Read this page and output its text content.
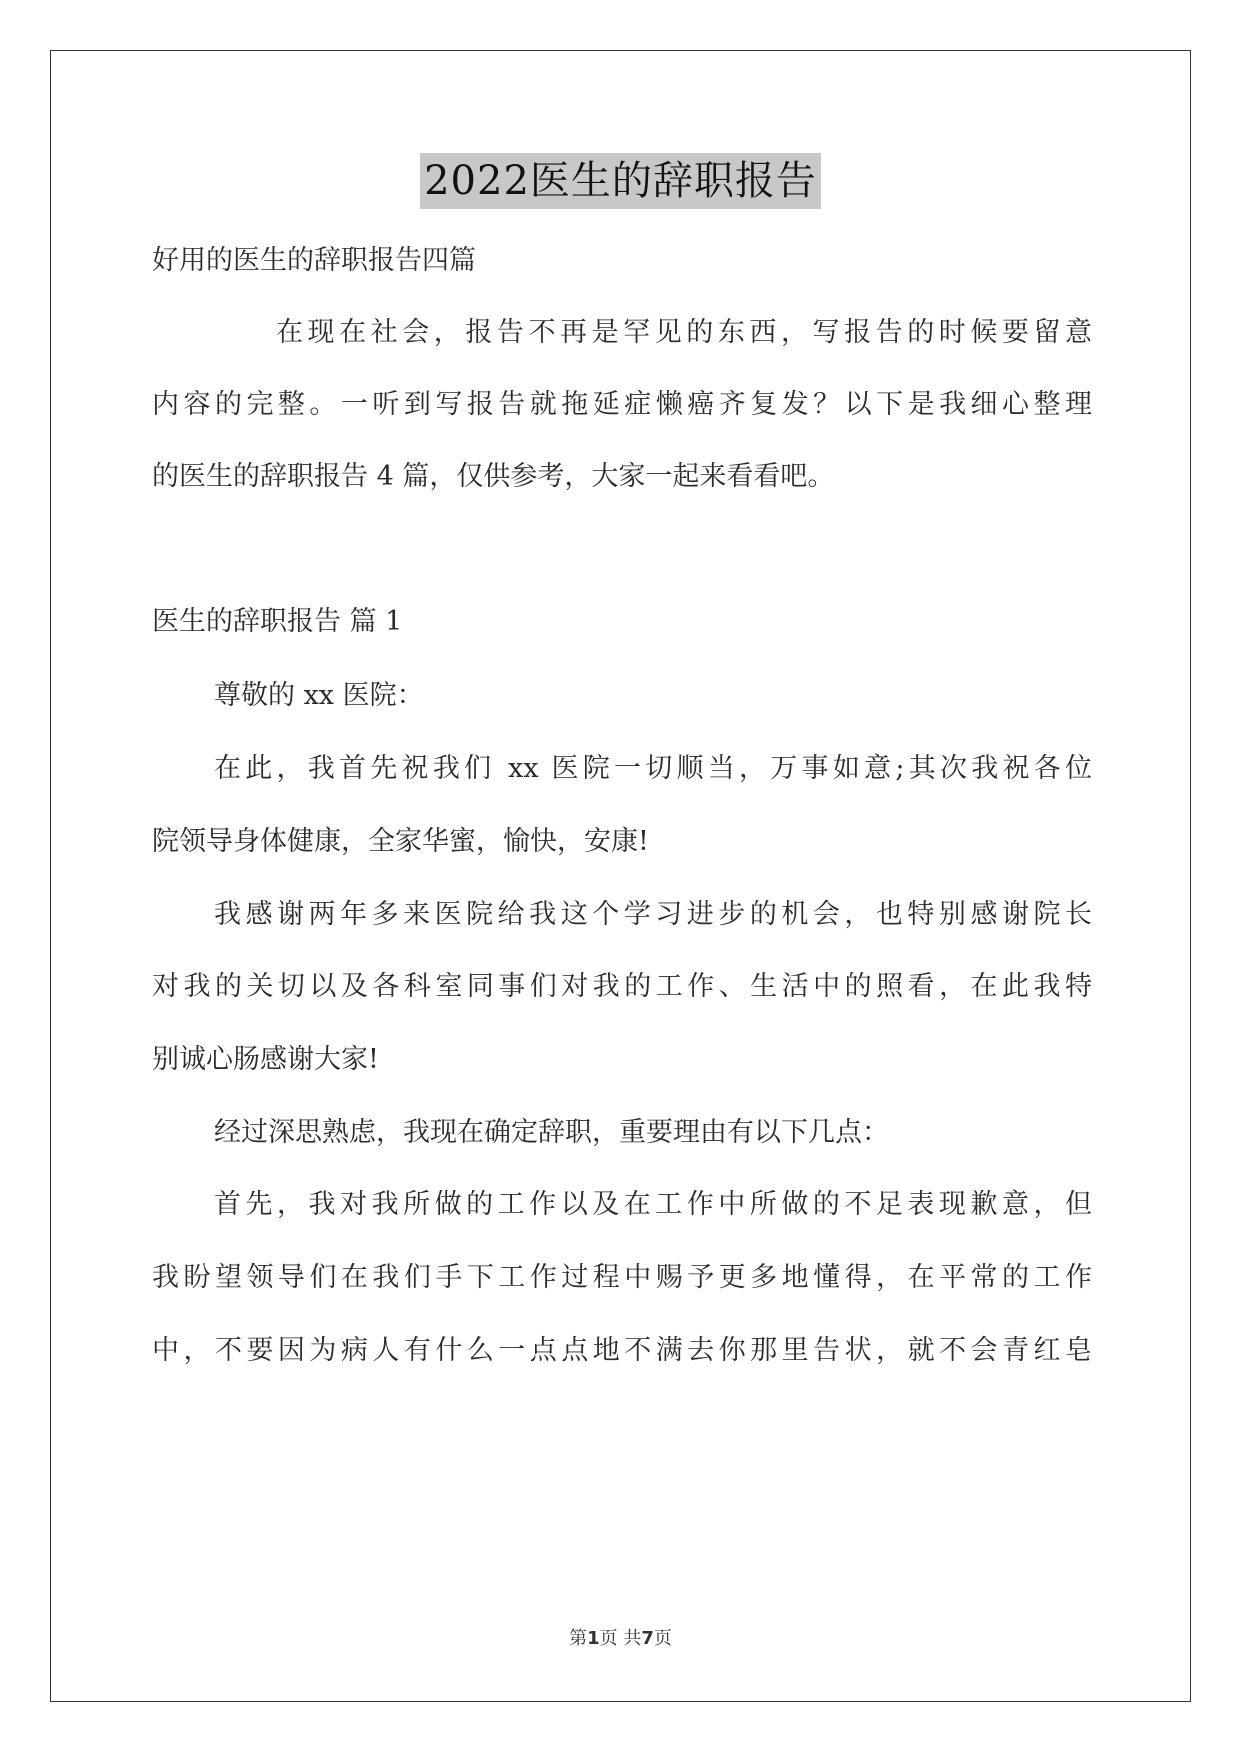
2022医生的辞职报告
好用的医生的辞职报告四篇
在现在社会，报告不再是罕见的东西，写报告的时候要留意
内容的完整。一听到写报告就拖延症懒癌齐复发？以下是我细心整理
的医生的辞职报告 4 篇，仅供参考，大家一起来看看吧。
医生的辞职报告 篇 1
尊敬的 xx 医院：
在此，我首先祝我们 xx 医院一切顺当，万事如意;其次我祝各位
院领导身体健康，全家华蜜，愉快，安康!
我感谢两年多来医院给我这个学习进步的机会，也特别感谢院长
对我的关切以及各科室同事们对我的工作、生活中的照看，在此我特
别诚心肠感谢大家!
经过深思熟虑，我现在确定辞职，重要理由有以下几点：
首先，我对我所做的工作以及在工作中所做的不足表现歉意，但
我盼望领导们在我们手下工作过程中赐予更多地懂得，在平常的工作
中，不要因为病人有什么一点点地不满去你那里告状，就不会青红皂
第1页 共7页
